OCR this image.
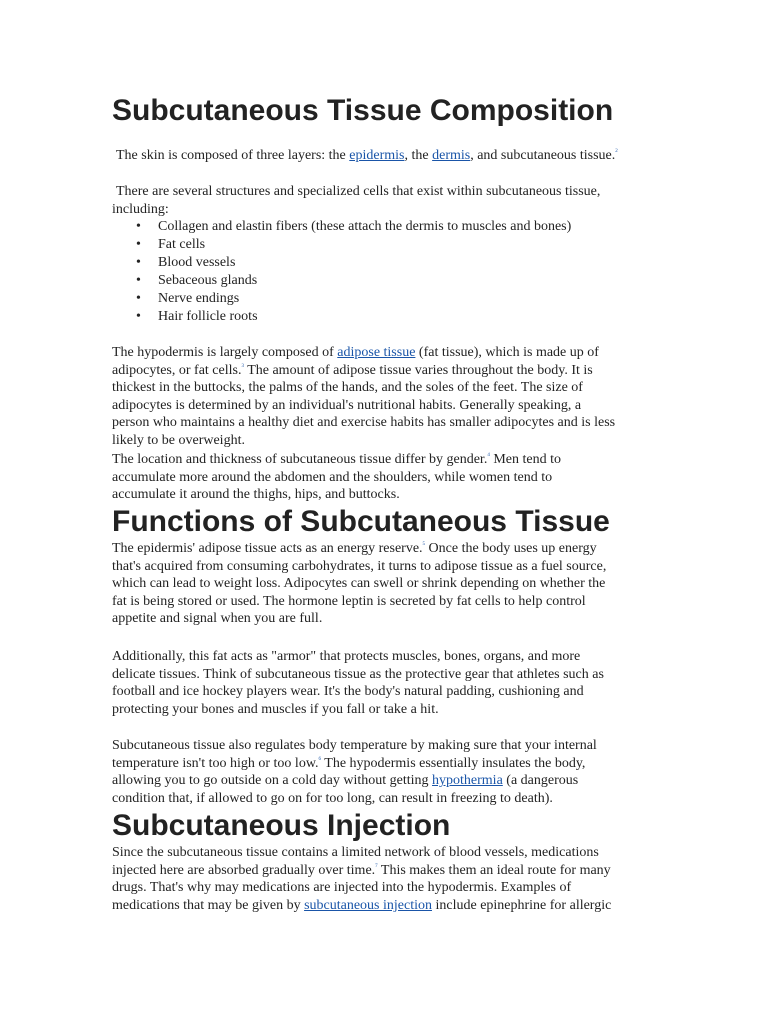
Subcutaneous Tissue Composition

The skin is composed of three layers: the epidermis, the dermis, and subcutaneous tissue.$^2$

There are several structures and specialized cells that exist within subcutaneous tissue,
including:

• Collagen and elastin fibers (these attach the dermis to muscles and bones)
• Fat cells
• Blood vessels
• Sebaceous glands
• Nerve endings
• Hair follicle roots

The hypodermis is largely composed of adipose tissue (fat tissue), which is made up of
adipocytes, or fat cells.$^3$ The amount of adipose tissue varies throughout the body. It is
thickest in the buttocks, the palms of the hands, and the soles of the feet. The size of
adipocytes is determined by an individual's nutritional habits. Generally speaking, a
person who maintains a healthy diet and exercise habits has smaller adipocytes and is less
likely to be overweight.

The location and thickness of subcutaneous tissue differ by gender.$^4$ Men tend to
accumulate more around the abdomen and the shoulders, while women tend to
accumulate it around the thighs, hips, and buttocks.

Functions of Subcutaneous Tissue

The epidermis' adipose tissue acts as an energy reserve.$^5$ Once the body uses up energy
that's acquired from consuming carbohydrates, it turns to adipose tissue as a fuel source,
which can lead to weight loss. Adipocytes can swell or shrink depending on whether the
fat is being stored or used. The hormone leptin is secreted by fat cells to help control
appetite and signal when you are full.

Additionally, this fat acts as "armor" that protects muscles, bones, organs, and more
delicate tissues. Think of subcutaneous tissue as the protective gear that athletes such as
football and ice hockey players wear. It's the body's natural padding, cushioning and
protecting your bones and muscles if you fall or take a hit.

Subcutaneous tissue also regulates body temperature by making sure that your internal
temperature isn't too high or too low.$^6$ The hypodermis essentially insulates the body,
allowing you to go outside on a cold day without getting hypothermia (a dangerous
condition that, if allowed to go on for too long, can result in freezing to death).

Subcutaneous Injection

Since the subcutaneous tissue contains a limited network of blood vessels, medications
injected here are absorbed gradually over time.$^7$ This makes them an ideal route for many
drugs. That's why may medications are injected into the hypodermis. Examples of
medications that may be given by subcutaneous injection include epinephrine for allergic
